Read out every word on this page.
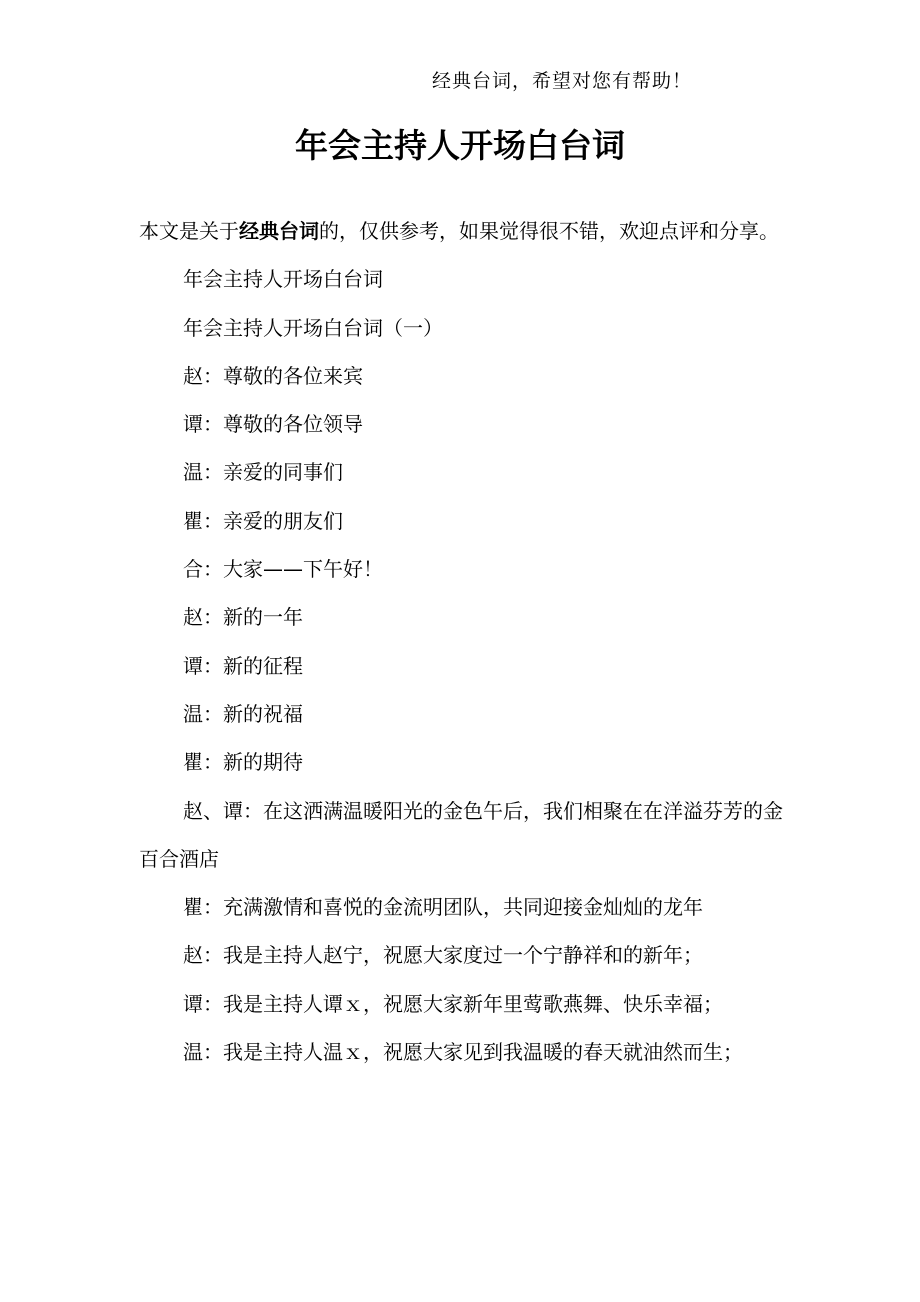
经典台词，希望对您有帮助！
年会主持人开场白台词

本文是关于经典台词的，仅供参考，如果觉得很不错，欢迎点评和分享。

年会主持人开场白台词

年会主持人开场白台词（一）

赵：尊敬的各位来宾

谭：尊敬的各位领导

温：亲爱的同事们

瞿：亲爱的朋友们

合：大家——下午好！

赵：新的一年

谭：新的征程

温：新的祝福

瞿：新的期待

赵、谭：在这洒满温暖阳光的金色午后，我们相聚在在洋溢芬芳的金百合酒店

瞿：充满激情和喜悦的金流明团队，共同迎接金灿灿的龙年

赵：我是主持人赵宁，祝愿大家度过一个宁静祥和的新年；

谭：我是主持人谭ｘ，祝愿大家新年里莺歌燕舞、快乐幸福；

温：我是主持人温ｘ，祝愿大家见到我温暖的春天就油然而生；
